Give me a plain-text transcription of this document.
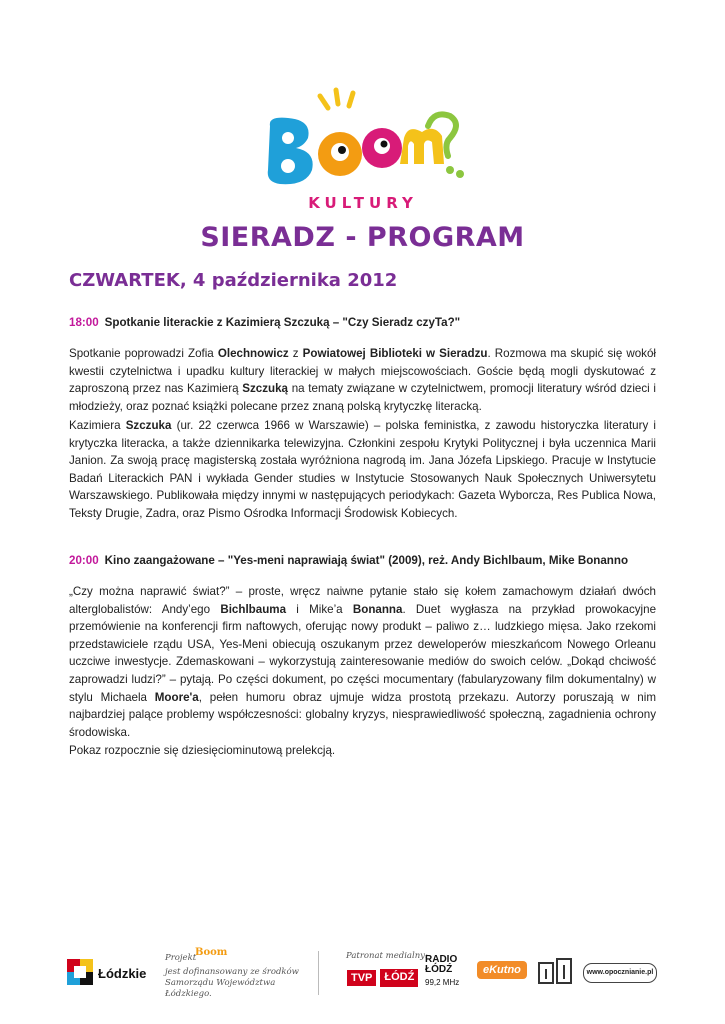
KULTURY
SIERADZ - PROGRAM
CZWARTEK, 4 października 2012
18:00 Spotkanie literackie z Kazimierą Szczuką – "Czy Sieradz czyTa?"

Spotkanie poprowadzi Zofia Olechnowicz z Powiatowej Biblioteki w Sieradzu. Rozmowa ma skupić się wokół kwestii czytelnictwa i upadku kultury literackiej w małych miejscowościach. Goście będą mogli dyskutować z zaproszoną przez nas Kazimierą Szczuką na tematy związane w czytelnictwem, promocji literatury wśród dzieci i młodzieży, oraz poznać książki polecane przez znaną polską krytyczkę literacką.

Kazimiera Szczuka (ur. 22 czerwca 1966 w Warszawie) – polska feministka, z zawodu historyczka literatury i krytyczka literacka, a także dziennikarka telewizyjna. Członkini zespołu Krytyki Politycznej i była uczennica Marii Janion. Za swoją pracę magisterską została wyróżniona nagrodą im. Jana Józefa Lipskiego. Pracuje w Instytucie Badań Literackich PAN i wykłada Gender studies w Instytucie Stosowanych Nauk Społecznych Uniwersytetu Warszawskiego. Publikowała między innymi w następujących periodykach: Gazeta Wyborcza, Res Publica Nowa, Teksty Drugie, Zadra, oraz Pismo Ośrodka Informacji Środowisk Kobiecych.

20:00 Kino zaangażowane – "Yes-meni naprawiają świat" (2009), reż. Andy Bichlbaum, Mike Bonanno

„Czy można naprawić świat?” – proste, wręcz naiwne pytanie stało się kołem zamachowym działań dwóch alterglobalistów: Andy’ego Bichlbauma i Mike’a Bonanna. Duet wygłasza na przykład prowokacyjne przemówienie na konferencji firm naftowych, oferując nowy produkt – paliwo z… ludzkiego mięsa. Jako rzekomi przedstawiciele rządu USA, Yes-Meni obiecują oszukanym przez deweloperów mieszkańcom Nowego Orleanu uczciwe inwestycje. Zdemaskowani – wykorzystują zainteresowanie mediów do swoich celów. „Dokąd chciwość zaprowadzi ludzi?” – pytają. Po części dokument, po części mocumentary (fabularyzowany film dokumentalny) w stylu Michaela Moore'a, pełen humoru obraz ujmuje widza prostotą przekazu. Autorzy poruszają w nim najbardziej palące problemy współczesności: globalny kryzys, niesprawiedliwość społeczną, zagadnienia ochrony środowiska.

Pokaz rozpocznie się dziesięciominutową prelekcją.

Łódzkie
Boom
Projekt
jest dofinansowany ze środków Samorządu Województwa Łódzkiego.
Patronat medialny:
TVP	ŁÓDŹ
RADIO ŁÓDŹ
99,2 MHz
eKutno	www.opocznianie.pl
